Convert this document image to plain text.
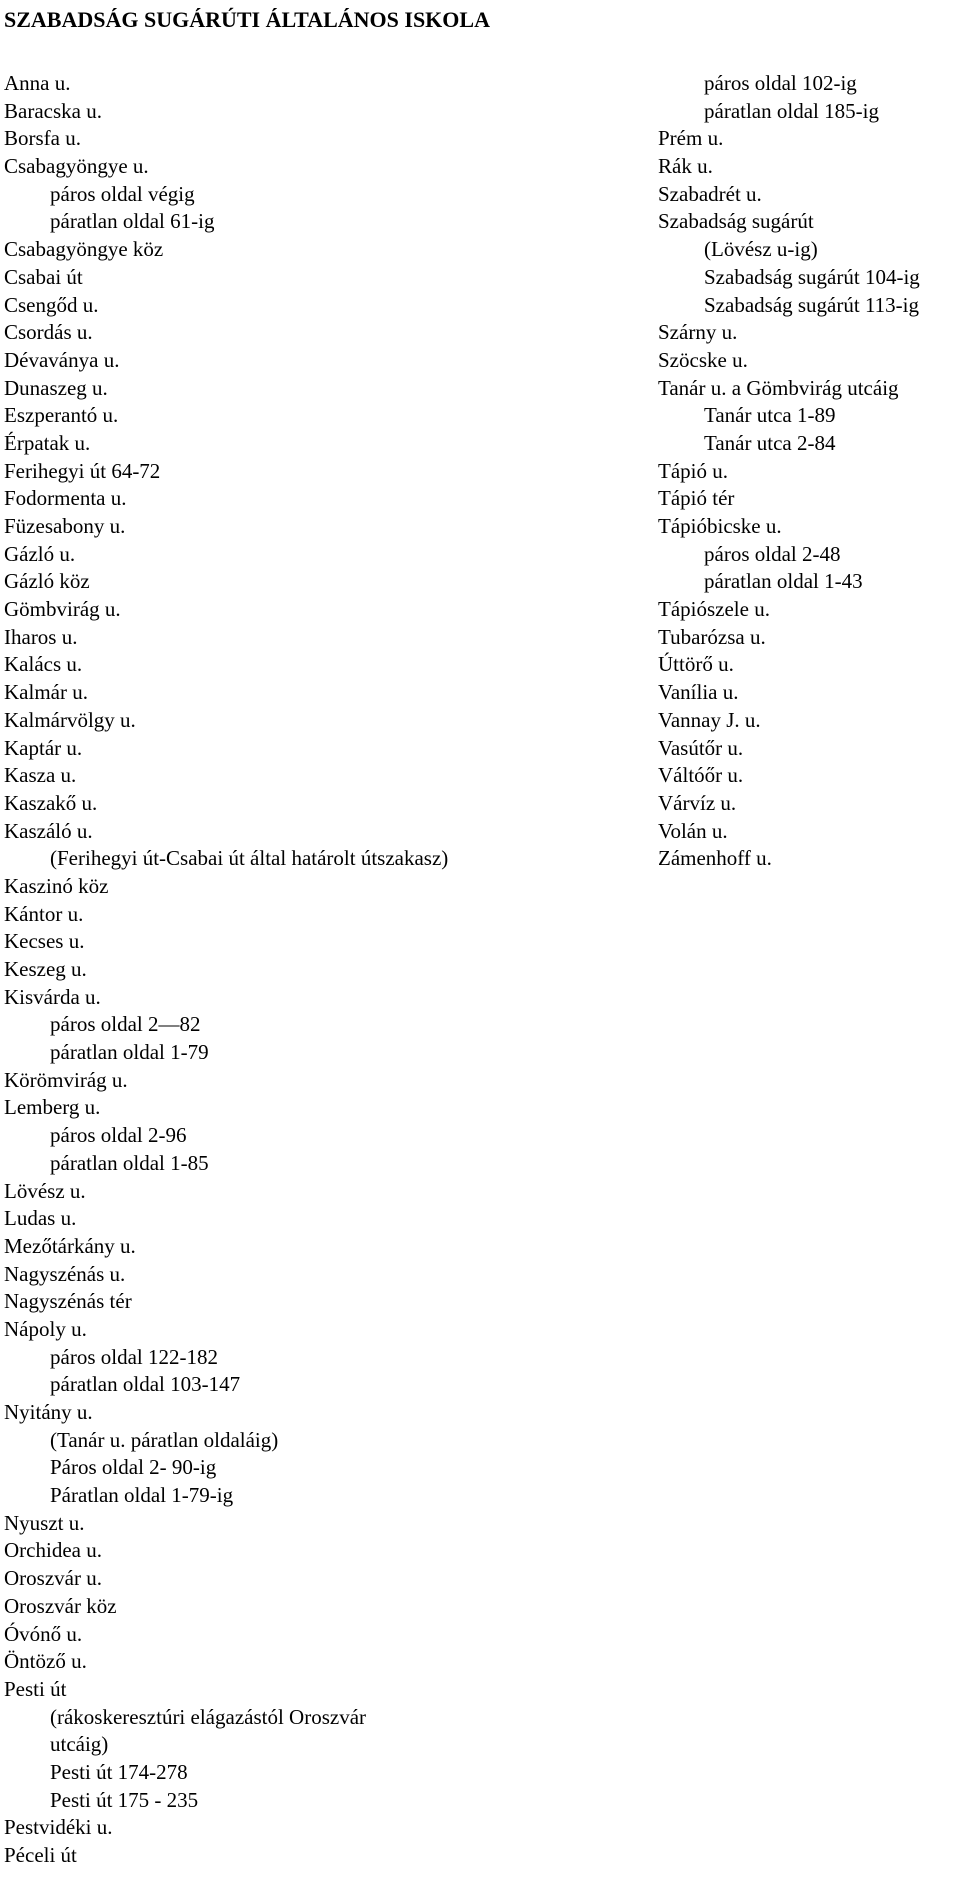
SZABADSÁG SUGÁRÚTI ÁLTALÁNOS ISKOLA
Anna u.
Baracska u.
Borsfa u.
Csabagyöngye u.
páros oldal végig
páratlan oldal 61-ig
Csabagyöngye köz
Csabai út
Csengőd u.
Csordás u.
Dévaványa u.
Dunaszeg u.
Eszperantó u.
Érpatak u.
Ferihegyi út 64-72
Fodormenta u.
Füzesabony u.
Gázló u.
Gázló köz
Gömbvirág u.
Iharos u.
Kalács u.
Kalmár u.
Kalmárvölgy u.
Kaptár u.
Kasza u.
Kaszakő u.
Kaszáló u.
(Ferihegyi út-Csabai út által határolt útszakasz)
Kaszinó köz
Kántor u.
Kecses u.
Keszeg u.
Kisvárda u.
páros oldal 2—82
páratlan oldal 1-79
Körömvirág u.
Lemberg u.
páros oldal 2-96
páratlan oldal 1-85
Lövész u.
Ludas u.
Mezőtárkány u.
Nagyszénás u.
Nagyszénás tér
Nápoly u.
páros oldal 122-182
páratlan oldal 103-147
Nyitány u.
(Tanár u. páratlan oldaláig)
Páros oldal 2- 90-ig
Páratlan oldal 1-79-ig
Nyuszt u.
Orchidea u.
Oroszvár u.
Oroszvár köz
Óvónő u.
Öntöző u.
Pesti út
(rákoskeresztúri elágazástól Oroszvár
utcáig)
Pesti út 174-278
Pesti út 175 - 235
Pestvidéki u.
Péceli út
páros oldal 102-ig
páratlan oldal 185-ig
Prém u.
Rák u.
Szabadrét u.
Szabadság sugárút
(Lövész u-ig)
Szabadság sugárút 104-ig
Szabadság sugárút 113-ig
Szárny u.
Szöcske u.
Tanár u. a Gömbvirág utcáig
Tanár utca 1-89
Tanár utca 2-84
Tápió u.
Tápió tér
Tápióbicske u.
páros oldal 2-48
páratlan oldal 1-43
Tápiószele u.
Tubarózsa u.
Úttörő u.
Vanília u.
Vannay J. u.
Vasútőr u.
Váltóőr u.
Várvíz u.
Volán u.
Zámenhoff u.
